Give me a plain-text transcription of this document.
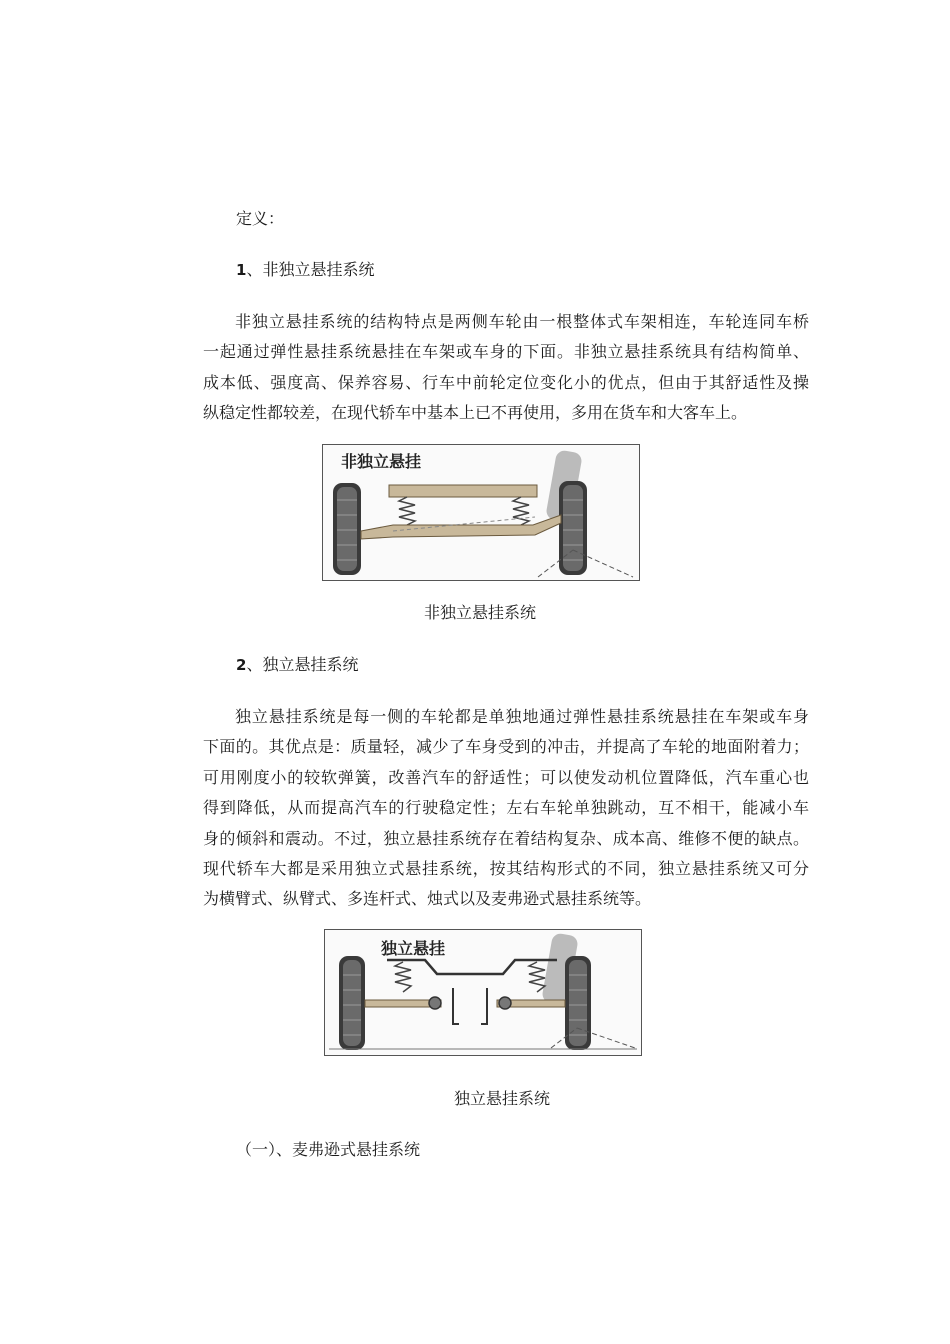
定义：
1、非独立悬挂系统
非独立悬挂系统的结构特点是两侧车轮由一根整体式车架相连，车轮连同车桥
一起通过弹性悬挂系统悬挂在车架或车身的下面。非独立悬挂系统具有结构简单、
成本低、强度高、保养容易、行车中前轮定位变化小的优点，但由于其舒适性及操
纵稳定性都较差，在现代轿车中基本上已不再使用，多用在货车和大客车上。
非独立悬挂
非独立悬挂系统
2、独立悬挂系统
独立悬挂系统是每一侧的车轮都是单独地通过弹性悬挂系统悬挂在车架或车身
下面的。其优点是：质量轻，减少了车身受到的冲击，并提高了车轮的地面附着力；
可用刚度小的较软弹簧，改善汽车的舒适性；可以使发动机位置降低，汽车重心也
得到降低，从而提高汽车的行驶稳定性；左右车轮单独跳动，互不相干，能减小车
身的倾斜和震动。不过，独立悬挂系统存在着结构复杂、成本高、维修不便的缺点。
现代轿车大都是采用独立式悬挂系统，按其结构形式的不同，独立悬挂系统又可分
为横臂式、纵臂式、多连杆式、烛式以及麦弗逊式悬挂系统等。
独立悬挂
独立悬挂系统
（一）、麦弗逊式悬挂系统
